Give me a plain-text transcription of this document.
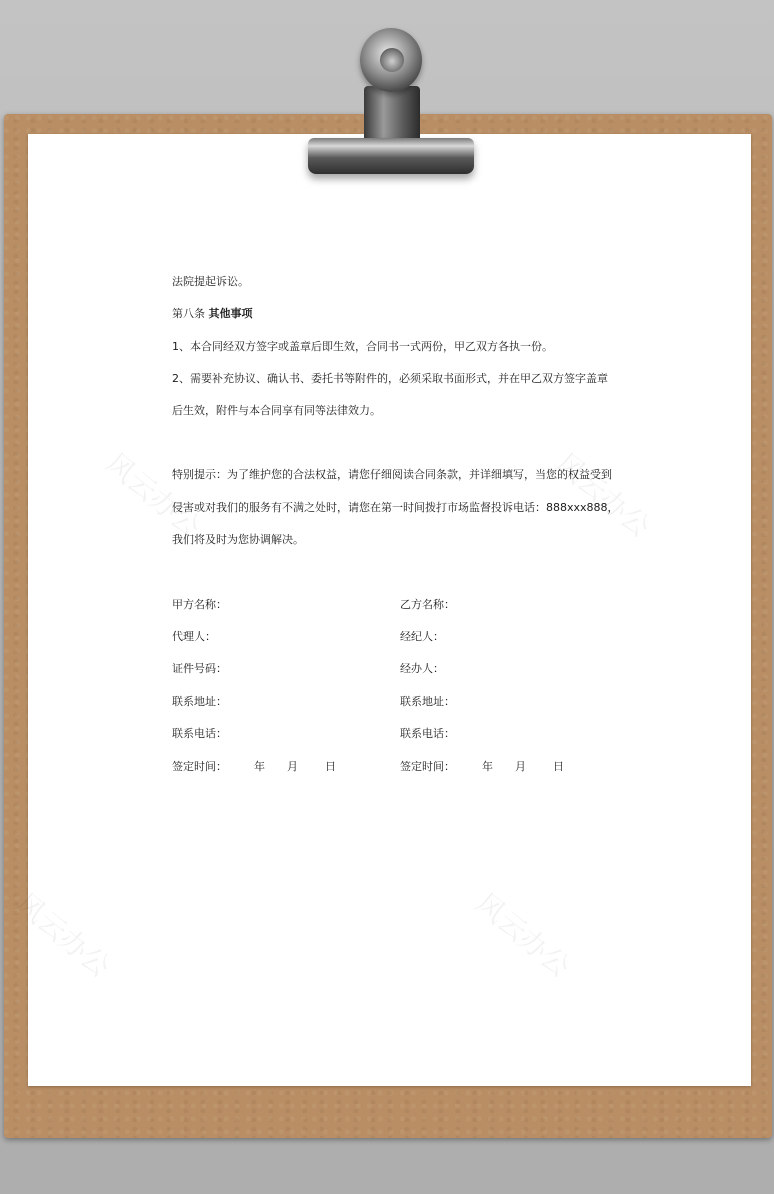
风云办公	风云办公
风云办公	风云办公
法院提起诉讼。
第八条 其他事项
1、本合同经双方签字或盖章后即生效，合同书一式两份，甲乙双方各执一份。
2、需要补充协议、确认书、委托书等附件的，必须采取书面形式，并在甲乙双方签字盖章
后生效，附件与本合同享有同等法律效力。
特别提示：为了维护您的合法权益，请您仔细阅读合同条款，并详细填写，当您的权益受到
侵害或对我们的服务有不满之处时，请您在第一时间拨打市场监督投诉电话：888xxx888，
我们将及时为您协调解决。
甲方名称：
代理人：
证件号码：
联系地址：
联系电话：
签定时间： 年 月 日
乙方名称：
经纪人：
经办人：
联系地址：
联系电话：
签定时间： 年 月 日
